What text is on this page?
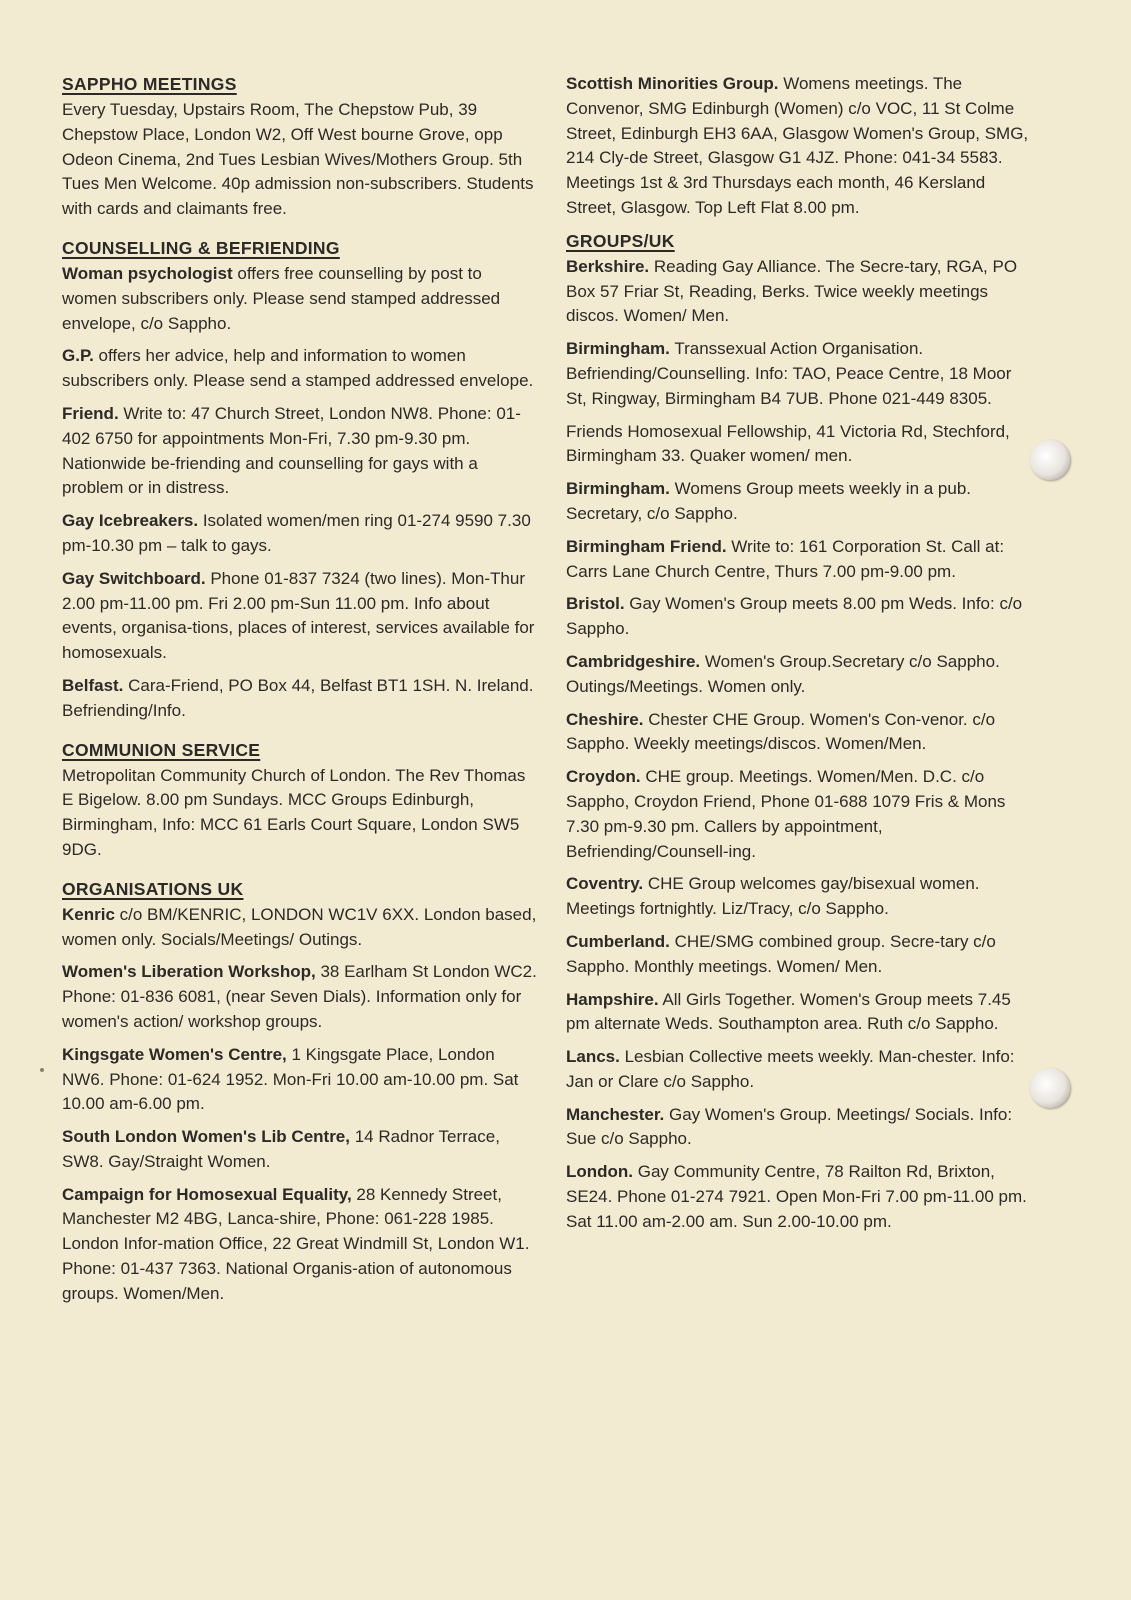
SAPPHO MEETINGS

Every Tuesday, Upstairs Room, The Chepstow Pub, 39 Chepstow Place, London W2, Off West bourne Grove, opp Odeon Cinema, 2nd Tues Lesbian Wives/Mothers Group. 5th Tues Men Welcome. 40p admission non-subscribers. Students with cards and claimants free.

COUNSELLING & BEFRIENDING

Woman psychologist offers free counselling by post to women subscribers only. Please send stamped addressed envelope, c/o Sappho.

G.P. offers her advice, help and information to women subscribers only. Please send a stamped addressed envelope.

Friend. Write to: 47 Church Street, London NW8. Phone: 01-402 6750 for appointments Mon-Fri, 7.30 pm-9.30 pm. Nationwide be-friending and counselling for gays with a problem or in distress.

Gay Icebreakers. Isolated women/men ring 01-274 9590 7.30 pm-10.30 pm – talk to gays.

Gay Switchboard. Phone 01-837 7324 (two lines). Mon-Thur 2.00 pm-11.00 pm. Fri 2.00 pm-Sun 11.00 pm. Info about events, organisa-tions, places of interest, services available for homosexuals.

Belfast. Cara-Friend, PO Box 44, Belfast BT1 1SH. N. Ireland. Befriending/Info.

COMMUNION SERVICE

Metropolitan Community Church of London. The Rev Thomas E Bigelow. 8.00 pm Sundays. MCC Groups Edinburgh, Birmingham, Info: MCC 61 Earls Court Square, London SW5 9DG.

ORGANISATIONS UK

Kenric c/o BM/KENRIC, LONDON WC1V 6XX. London based, women only. Socials/Meetings/ Outings.

Women's Liberation Workshop, 38 Earlham St London WC2. Phone: 01-836 6081, (near Seven Dials). Information only for women's action/ workshop groups.

Kingsgate Women's Centre, 1 Kingsgate Place, London NW6. Phone: 01-624 1952. Mon-Fri 10.00 am-10.00 pm. Sat 10.00 am-6.00 pm.

South London Women's Lib Centre, 14 Radnor Terrace, SW8. Gay/Straight Women.

Campaign for Homosexual Equality, 28 Kennedy Street, Manchester M2 4BG, Lanca-shire, Phone: 061-228 1985. London Infor-mation Office, 22 Great Windmill St, London W1. Phone: 01-437 7363. National Organis-ation of autonomous groups. Women/Men.

Scottish Minorities Group. Womens meetings. The Convenor, SMG Edinburgh (Women) c/o VOC, 11 St Colme Street, Edinburgh EH3 6AA, Glasgow Women's Group, SMG, 214 Cly-de Street, Glasgow G1 4JZ. Phone: 041-34 5583. Meetings 1st & 3rd Thursdays each month, 46 Kersland Street, Glasgow. Top Left Flat 8.00 pm.

GROUPS/UK

Berkshire. Reading Gay Alliance. The Secre-tary, RGA, PO Box 57 Friar St, Reading, Berks. Twice weekly meetings discos. Women/ Men.

Birmingham. Transsexual Action Organisation. Befriending/Counselling. Info: TAO, Peace Centre, 18 Moor St, Ringway, Birmingham B4 7UB. Phone 021-449 8305.

Friends Homosexual Fellowship, 41 Victoria Rd, Stechford, Birmingham 33. Quaker women/ men.

Birmingham. Womens Group meets weekly in a pub. Secretary, c/o Sappho.

Birmingham Friend. Write to: 161 Corporation St. Call at: Carrs Lane Church Centre, Thurs 7.00 pm-9.00 pm.

Bristol. Gay Women's Group meets 8.00 pm Weds. Info: c/o Sappho.

Cambridgeshire. Women's Group.Secretary c/o Sappho. Outings/Meetings. Women only.

Cheshire. Chester CHE Group. Women's Con-venor. c/o Sappho. Weekly meetings/discos. Women/Men.

Croydon. CHE group. Meetings. Women/Men. D.C. c/o Sappho, Croydon Friend, Phone 01-688 1079 Fris & Mons 7.30 pm-9.30 pm. Callers by appointment, Befriending/Counsell-ing.

Coventry. CHE Group welcomes gay/bisexual women. Meetings fortnightly. Liz/Tracy, c/o Sappho.

Cumberland. CHE/SMG combined group. Secre-tary c/o Sappho. Monthly meetings. Women/ Men.

Hampshire. All Girls Together. Women's Group meets 7.45 pm alternate Weds. Southampton area. Ruth c/o Sappho.

Lancs. Lesbian Collective meets weekly. Man-chester. Info: Jan or Clare c/o Sappho.

Manchester. Gay Women's Group. Meetings/ Socials. Info: Sue c/o Sappho.

London. Gay Community Centre, 78 Railton Rd, Brixton, SE24. Phone 01-274 7921. Open Mon-Fri 7.00 pm-11.00 pm. Sat 11.00 am-2.00 am. Sun 2.00-10.00 pm.
